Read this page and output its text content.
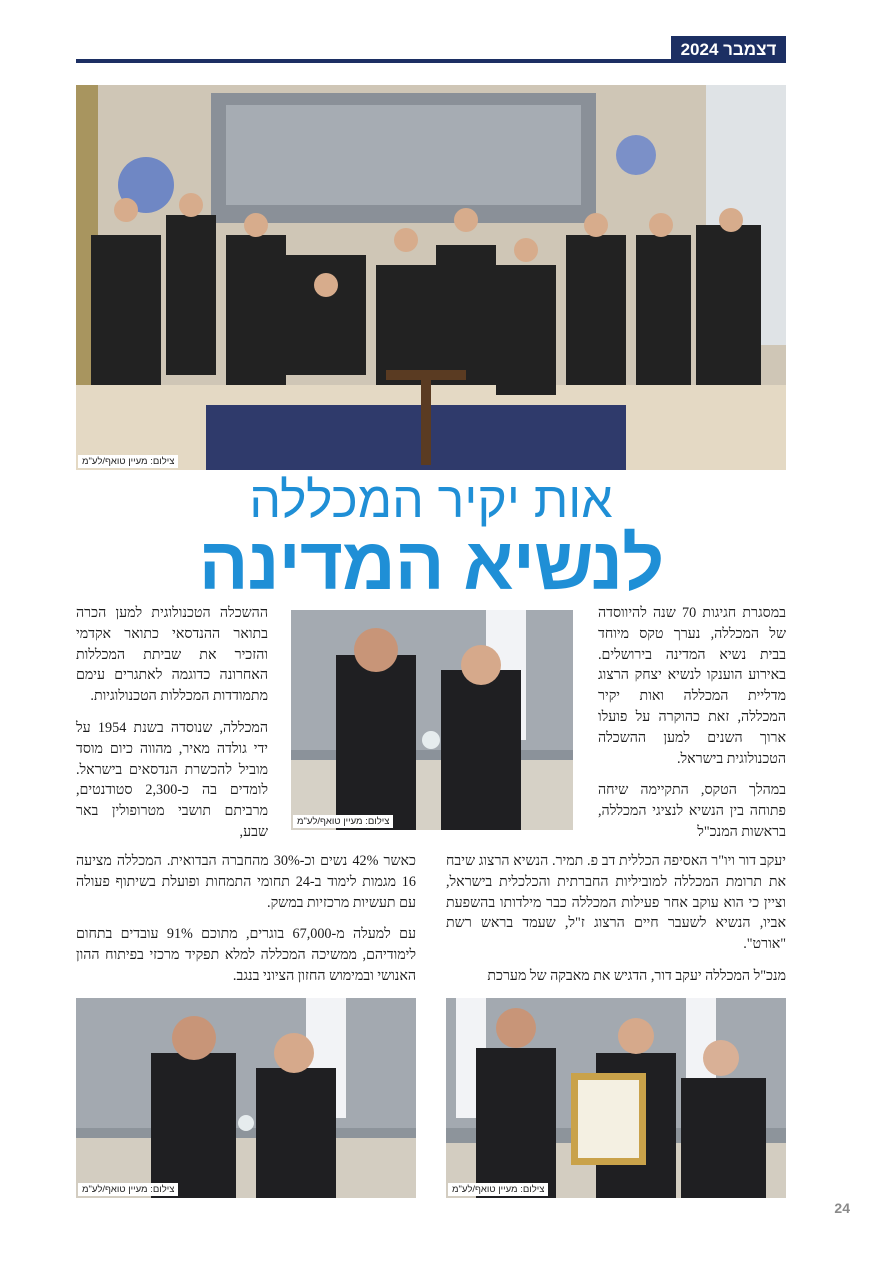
דצמבר 2024
צילום: מעיין טואף/לע"מ
אות יקיר המכללה
לנשיא המדינה
צילום: מעיין טואף/לע"מ

במסגרת חגיגות 70 שנה להיווסדה של המכללה, נערך טקס מיוחד בבית נשיא המדינה בירושלים. באירוע הוענקו לנשיא יצחק הרצוג מדליית המכללה ואות יקיר המכללה, זאת כהוקרה על פועלו ארוך השנים למען ההשכלה הטכנולוגית בישראל.

במהלך הטקס, התקיימה שיחה פתוחה בין הנשיא לנציגי המכללה, בראשות המנכ"ל

ההשכלה הטכנולוגית למען הכרה בתואר ההנדסאי כתואר אקדמי והזכיר את שביתת המכללות האחרונה כדוגמה לאתגרים עימם מתמודדות המכללות הטכנולוגיות.

המכללה, שנוסדה בשנת 1954 על ידי גולדה מאיר, מהווה כיום מוסד מוביל להכשרת הנדסאים בישראל. לומדים בה כ-2,300 סטודנטים, מרביתם תושבי מטרופולין באר שבע,

יעקב דור ויו"ר האסיפה הכללית דב פ. תמיר. הנשיא הרצוג שיבח את תרומת המכללה למוביליות החברתית והכלכלית בישראל, וציין כי הוא עוקב אחר פעילות המכללה כבר מילדותו בהשפעת אביו, הנשיא לשעבר חיים הרצוג ז"ל, שעמד בראש רשת "אורט".

מנכ"ל המכללה יעקב דור, הדגיש את מאבקה של מערכת

כאשר 42% נשים וכ-30% מהחברה הבדואית. המכללה מציעה 16 מגמות לימוד ב-24 תחומי התמחות ופועלת בשיתוף פעולה עם תעשיות מרכזיות במשק.

עם למעלה מ-67,000 בוגרים, מתוכם 91% עובדים בתחום לימודיהם, ממשיכה המכללה למלא תפקיד מרכזי בפיתוח ההון האנושי ובמימוש החזון הציוני בנגב.

צילום: מעיין טואף/לע"מ	צילום: מעיין טואף/לע"מ
24
